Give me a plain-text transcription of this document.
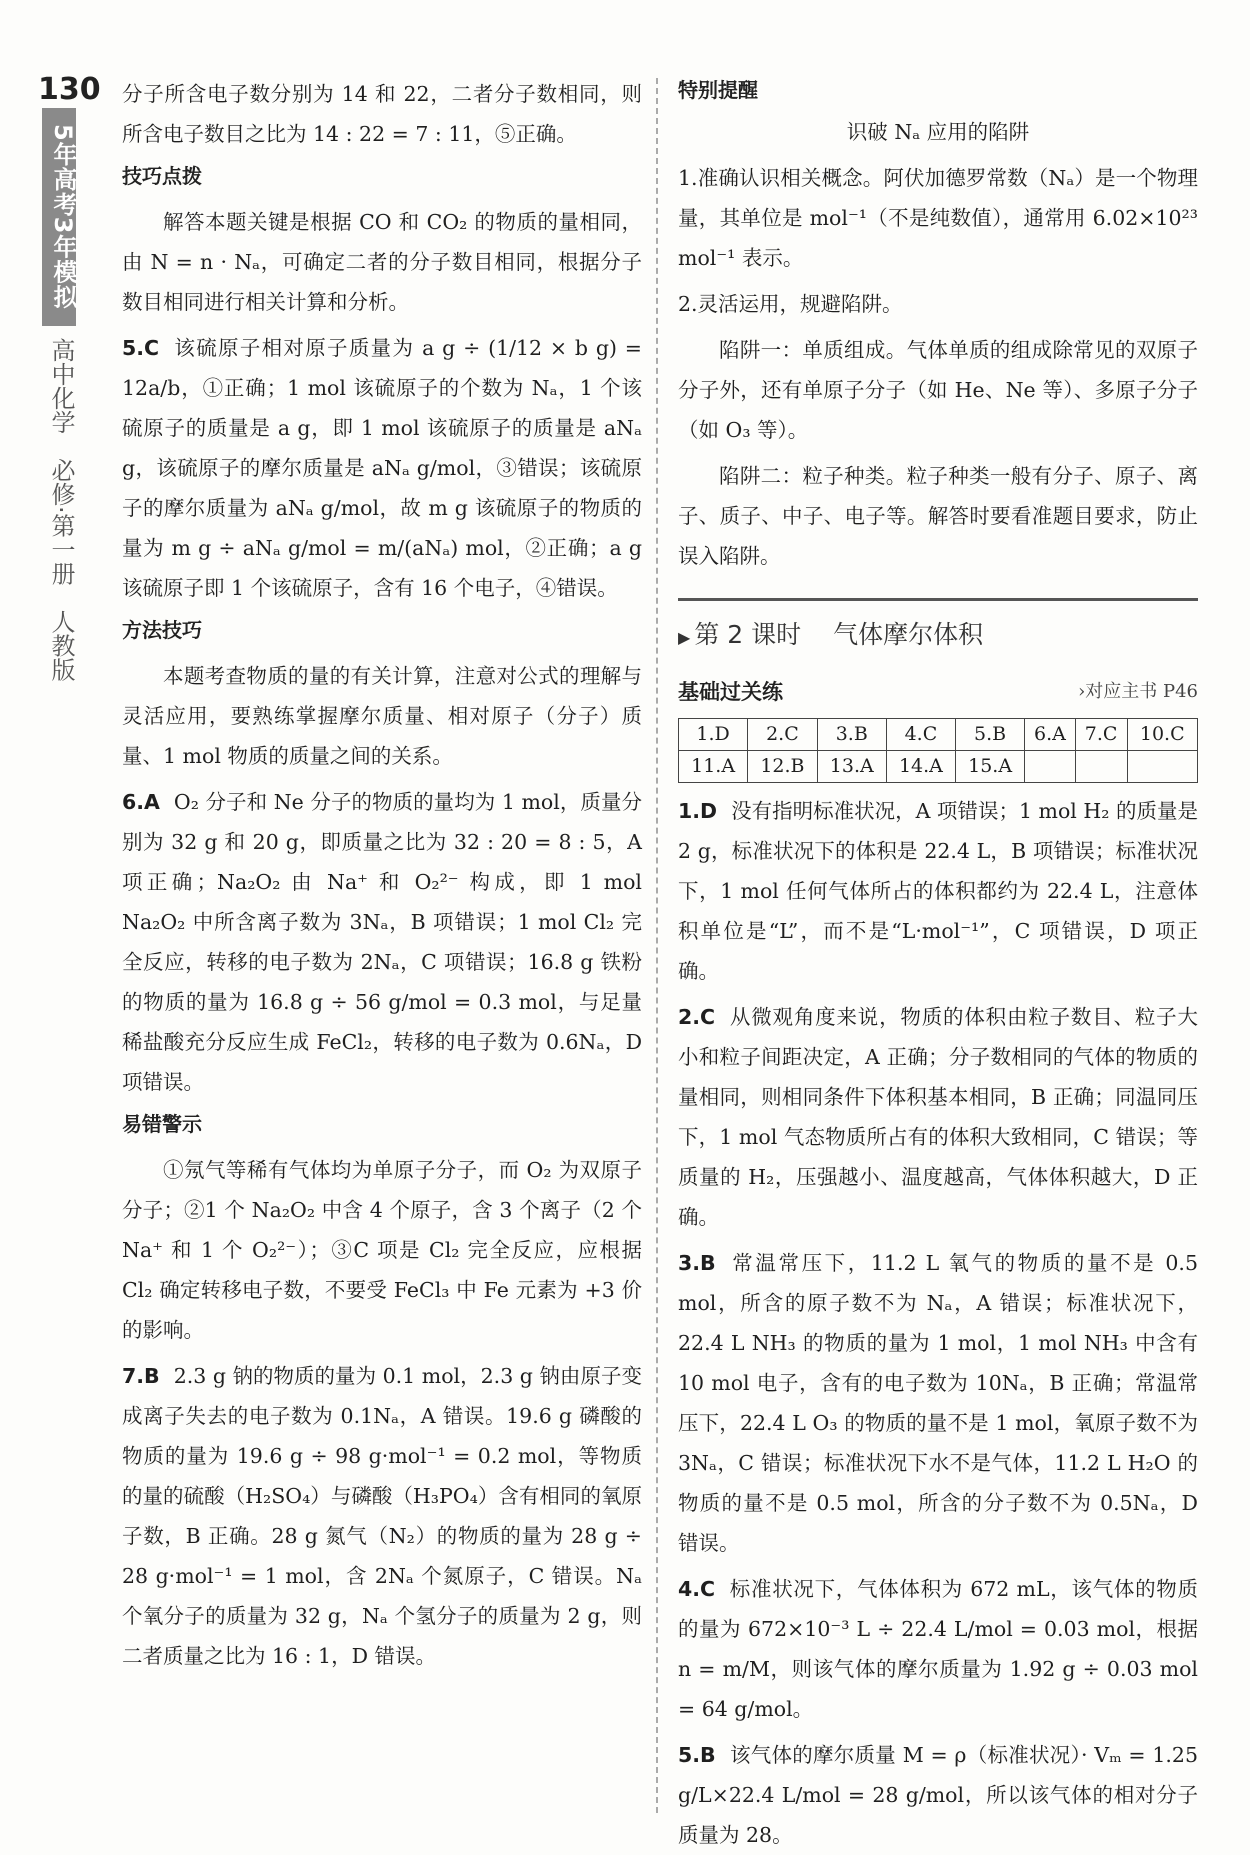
130
5年高考3年模拟
高中化学　必修·第一册　人教版
分子所含电子数分别为 14 和 22，二者分子数相同，则所含电子数目之比为 14 : 22 = 7 : 11，⑤正确。
技巧点拨
解答本题关键是根据 CO 和 CO₂ 的物质的量相同，由 N = n · Nₐ，可确定二者的分子数目相同，根据分子数目相同进行相关计算和分析。
5.C 该硫原子相对原子质量为 a g ÷ (1/12 × b g) = 12a/b，①正确；1 mol 该硫原子的个数为 Nₐ，1 个该硫原子的质量是 a g，即 1 mol 该硫原子的质量是 aNₐ g，该硫原子的摩尔质量是 aNₐ g/mol，③错误；该硫原子的摩尔质量为 aNₐ g/mol，故 m g 该硫原子的物质的量为 m g ÷ aNₐ g/mol = m/(aNₐ) mol，②正确；a g 该硫原子即 1 个该硫原子，含有 16 个电子，④错误。
方法技巧
本题考查物质的量的有关计算，注意对公式的理解与灵活应用，要熟练掌握摩尔质量、相对原子（分子）质量、1 mol 物质的质量之间的关系。
6.A O₂ 分子和 Ne 分子的物质的量均为 1 mol，质量分别为 32 g 和 20 g，即质量之比为 32 : 20 = 8 : 5，A 项正确；Na₂O₂ 由 Na⁺ 和 O₂²⁻ 构成，即 1 mol Na₂O₂ 中所含离子数为 3Nₐ，B 项错误；1 mol Cl₂ 完全反应，转移的电子数为 2Nₐ，C 项错误；16.8 g 铁粉的物质的量为 16.8 g ÷ 56 g/mol = 0.3 mol，与足量稀盐酸充分反应生成 FeCl₂，转移的电子数为 0.6Nₐ，D 项错误。
易错警示
①氖气等稀有气体均为单原子分子，而 O₂ 为双原子分子；②1 个 Na₂O₂ 中含 4 个原子，含 3 个离子（2 个 Na⁺ 和 1 个 O₂²⁻）；③C 项是 Cl₂ 完全反应，应根据 Cl₂ 确定转移电子数，不要受 FeCl₃ 中 Fe 元素为 +3 价的影响。
7.B 2.3 g 钠的物质的量为 0.1 mol，2.3 g 钠由原子变成离子失去的电子数为 0.1Nₐ，A 错误。19.6 g 磷酸的物质的量为 19.6 g ÷ 98 g·mol⁻¹ = 0.2 mol，等物质的量的硫酸（H₂SO₄）与磷酸（H₃PO₄）含有相同的氧原子数，B 正确。28 g 氮气（N₂）的物质的量为 28 g ÷ 28 g·mol⁻¹ = 1 mol，含 2Nₐ 个氮原子，C 错误。Nₐ 个氧分子的质量为 32 g，Nₐ 个氢分子的质量为 2 g，则二者质量之比为 16 : 1，D 错误。
特别提醒
识破 Nₐ 应用的陷阱
1.准确认识相关概念。阿伏加德罗常数（Nₐ）是一个物理量，其单位是 mol⁻¹（不是纯数值），通常用 6.02×10²³ mol⁻¹ 表示。
2.灵活运用，规避陷阱。
陷阱一：单质组成。气体单质的组成除常见的双原子分子外，还有单原子分子（如 He、Ne 等）、多原子分子（如 O₃ 等）。
陷阱二：粒子种类。粒子种类一般有分子、原子、离子、质子、中子、电子等。解答时要看准题目要求，防止误入陷阱。
▶ 第 2 课时 气体摩尔体积
基础过关练	›对应主书 P46
1.D	2.C	3.B	4.C	5.B	6.A	7.C	10.C
11.A	12.B	13.A	14.A	15.A			
1.D 没有指明标准状况，A 项错误；1 mol H₂ 的质量是 2 g，标准状况下的体积是 22.4 L，B 项错误；标准状况下，1 mol 任何气体所占的体积都约为 22.4 L，注意体积单位是“L”，而不是“L·mol⁻¹”，C 项错误，D 项正确。
2.C 从微观角度来说，物质的体积由粒子数目、粒子大小和粒子间距决定，A 正确；分子数相同的气体的物质的量相同，则相同条件下体积基本相同，B 正确；同温同压下，1 mol 气态物质所占有的体积大致相同，C 错误；等质量的 H₂，压强越小、温度越高，气体体积越大，D 正确。
3.B 常温常压下，11.2 L 氧气的物质的量不是 0.5 mol，所含的原子数不为 Nₐ，A 错误；标准状况下，22.4 L NH₃ 的物质的量为 1 mol，1 mol NH₃ 中含有10 mol 电子，含有的电子数为 10Nₐ，B 正确；常温常压下，22.4 L O₃ 的物质的量不是 1 mol，氧原子数不为 3Nₐ，C 错误；标准状况下水不是气体，11.2 L H₂O 的物质的量不是 0.5 mol，所含的分子数不为 0.5Nₐ，D 错误。
4.C 标准状况下，气体体积为 672 mL，该气体的物质的量为 672×10⁻³ L ÷ 22.4 L/mol = 0.03 mol，根据 n = m/M，则该气体的摩尔质量为 1.92 g ÷ 0.03 mol = 64 g/mol。
5.B 该气体的摩尔质量 M = ρ（标准状况）· Vₘ = 1.25 g/L×22.4 L/mol = 28 g/mol，所以该气体的相对分子质量为 28。
